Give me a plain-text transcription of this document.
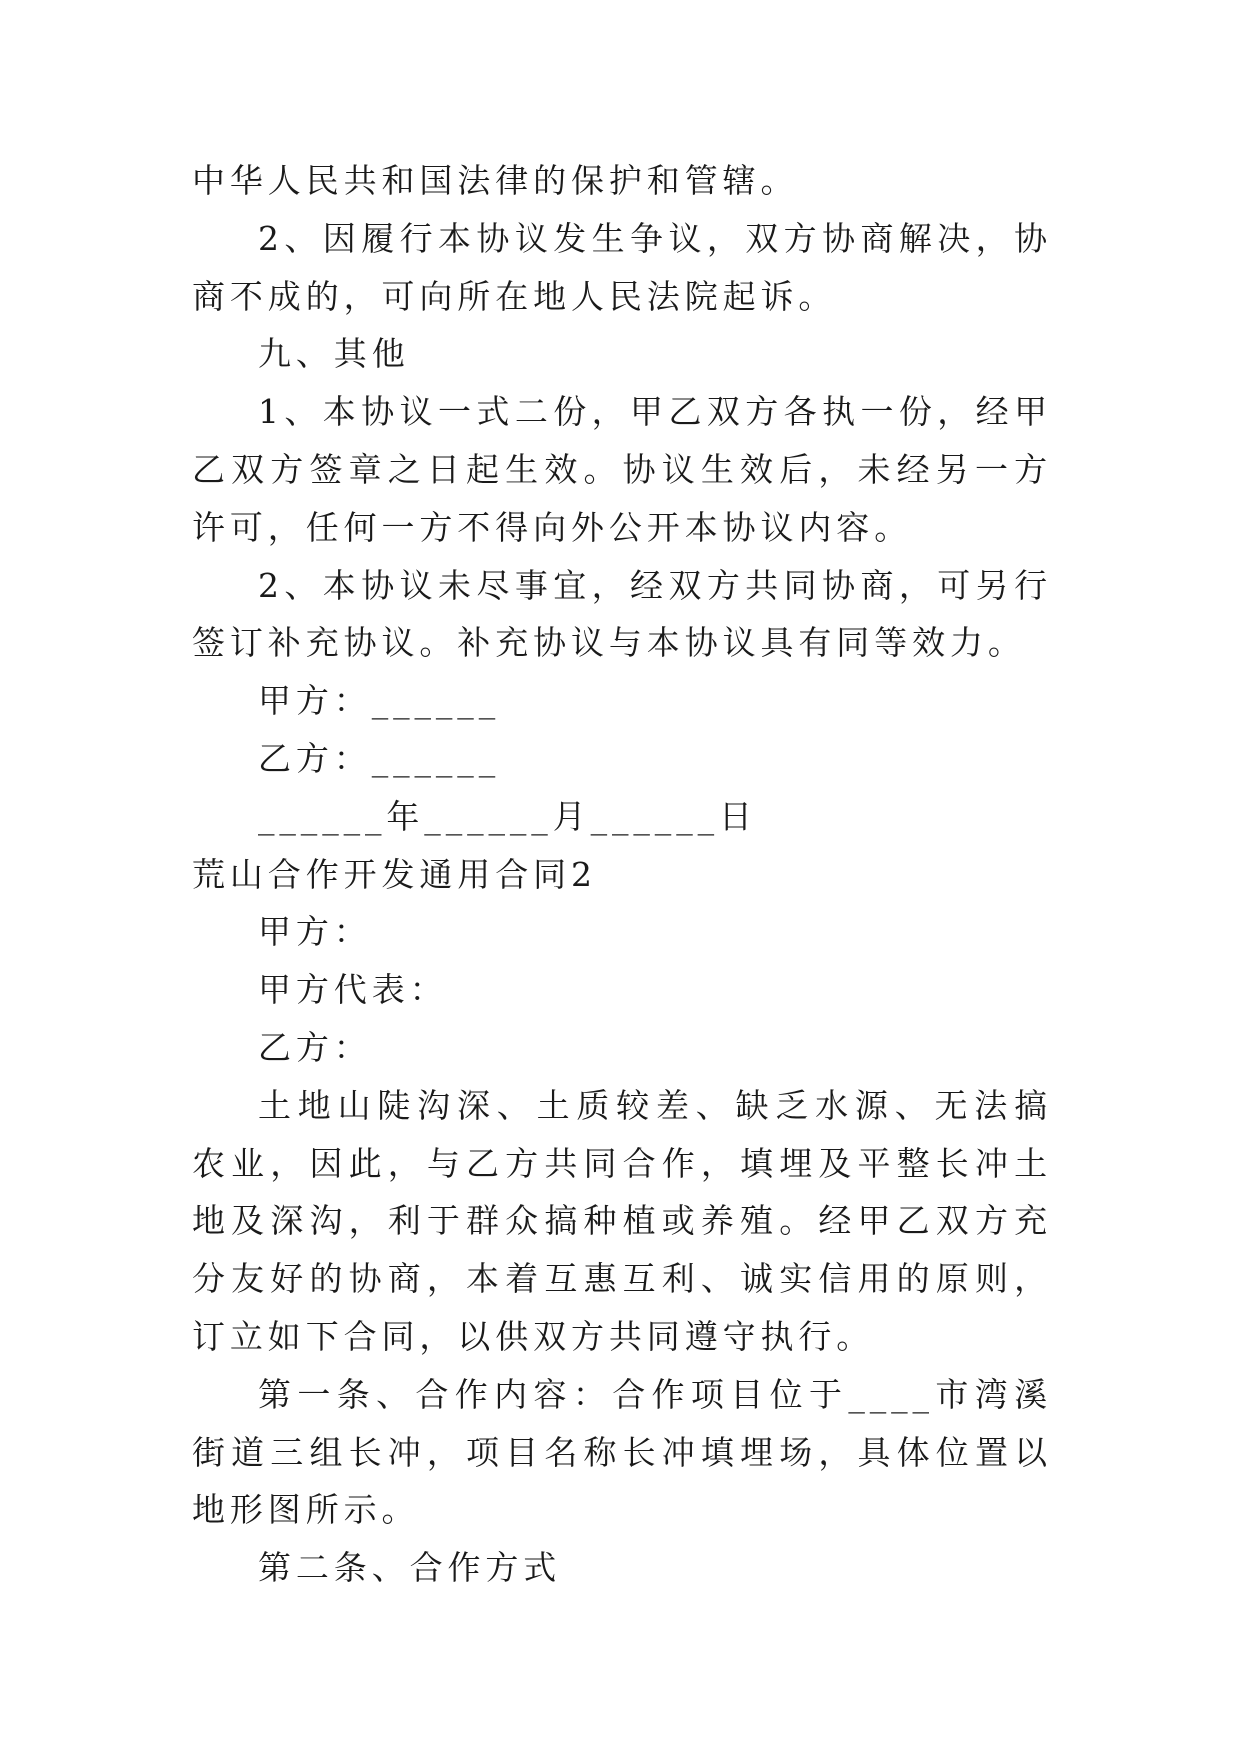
中华人民共和国法律的保护和管辖。

2、因履行本协议发生争议，双方协商解决，协商不成的，可向所在地人民法院起诉。

九、其他

1、本协议一式二份，甲乙双方各执一份，经甲乙双方签章之日起生效。协议生效后，未经另一方许可，任何一方不得向外公开本协议内容。

2、本协议未尽事宜，经双方共同协商，可另行签订补充协议。补充协议与本协议具有同等效力。

甲方：______

乙方：______

______年______月______日

荒山合作开发通用合同2

甲方：

甲方代表：

乙方：

土地山陡沟深、土质较差、缺乏水源、无法搞农业，因此，与乙方共同合作，填埋及平整长冲土地及深沟，利于群众搞种植或养殖。经甲乙双方充分友好的协商，本着互惠互利、诚实信用的原则，订立如下合同，以供双方共同遵守执行。

第一条、合作内容：合作项目位于____市湾溪街道三组长冲，项目名称长冲填埋场，具体位置以地形图所示。

第二条、合作方式
